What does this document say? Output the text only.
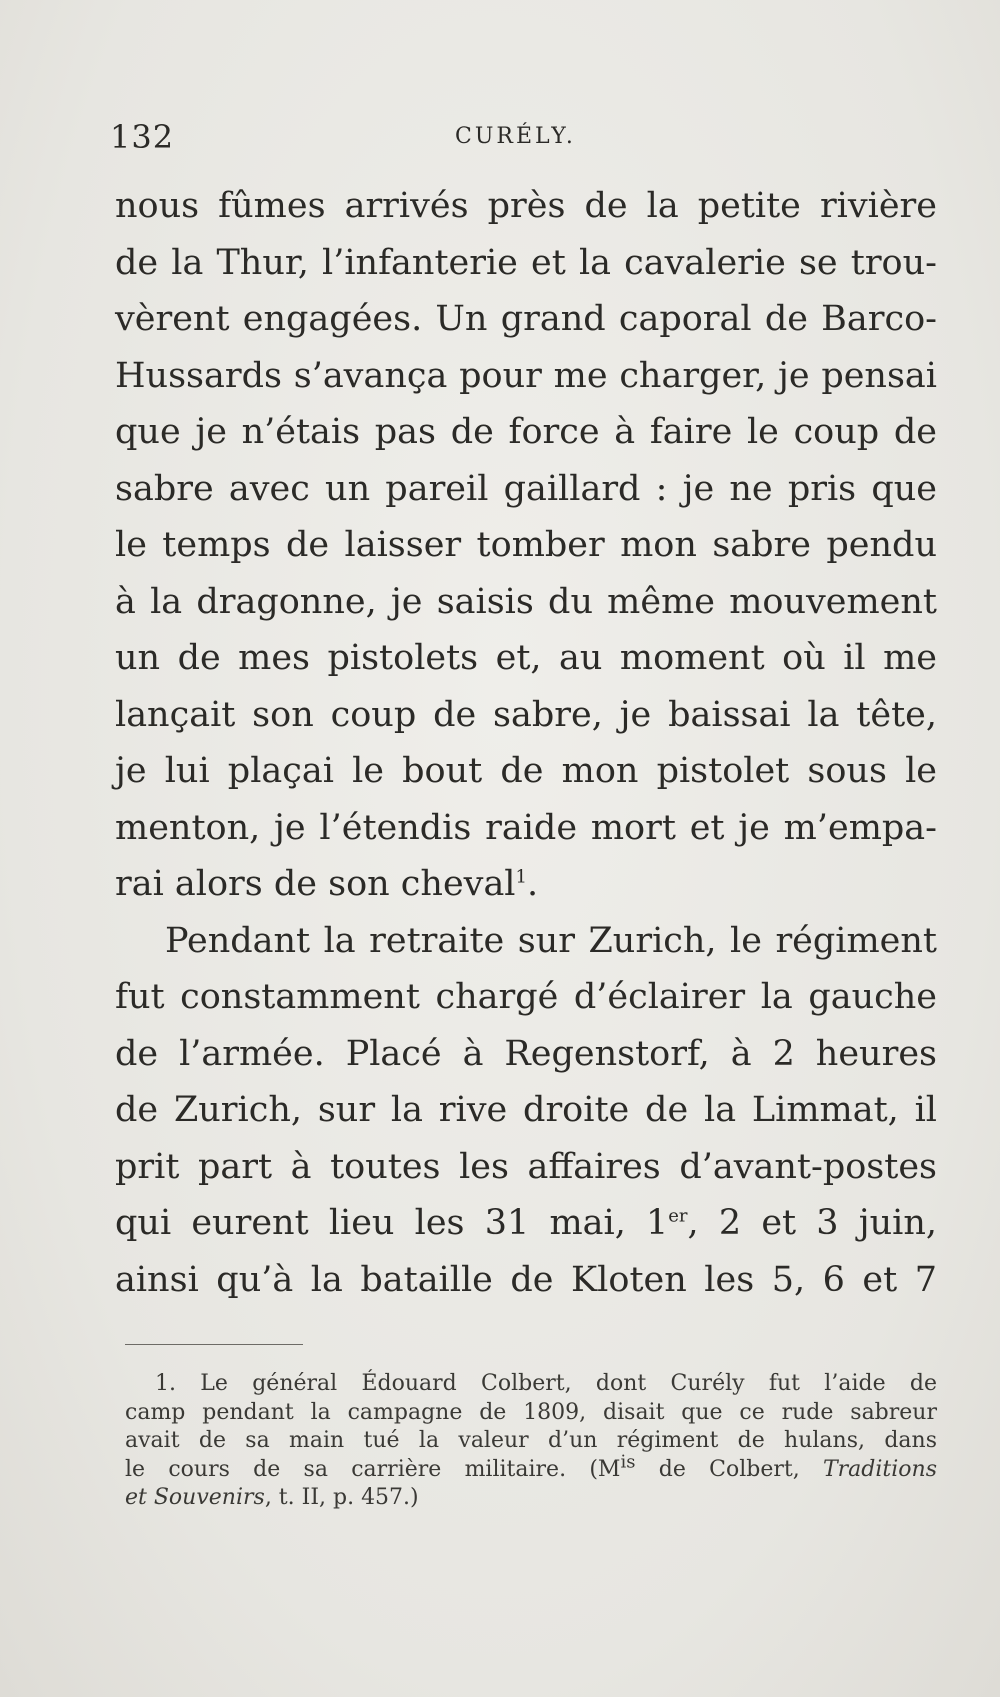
132	CURÉLY.
nous fûmes arrivés près de la petite rivière
de la Thur, l’infanterie et la cavalerie se trou-
vèrent engagées. Un grand caporal de Barco-
Hussards s’avança pour me charger, je pensai
que je n’étais pas de force à faire le coup de
sabre avec un pareil gaillard : je ne pris que
le temps de laisser tomber mon sabre pendu
à la dragonne, je saisis du même mouvement
un de mes pistolets et, au moment où il me
lançait son coup de sabre, je baissai la tête,
je lui plaçai le bout de mon pistolet sous le
menton, je l’étendis raide mort et je m’empa-
rai alors de son cheval$^1$.
Pendant la retraite sur Zurich, le régiment
fut constamment chargé d’éclairer la gauche
de l’armée. Placé à Regenstorf, à 2 heures
de Zurich, sur la rive droite de la Limmat, il
prit part à toutes les affaires d’avant-postes
qui eurent lieu les 31 mai, 1er, 2 et 3 juin,
ainsi qu’à la bataille de Kloten les 5, 6 et 7
1. Le général Édouard Colbert, dont Curély fut l’aide de
camp pendant la campagne de 1809, disait que ce rude sabreur
avait de sa main tué la valeur d’un régiment de hulans, dans
le cours de sa carrière militaire. ($M^{is}$ de Colbert, Traditions
et Souvenirs, t. II, p. 457.)
